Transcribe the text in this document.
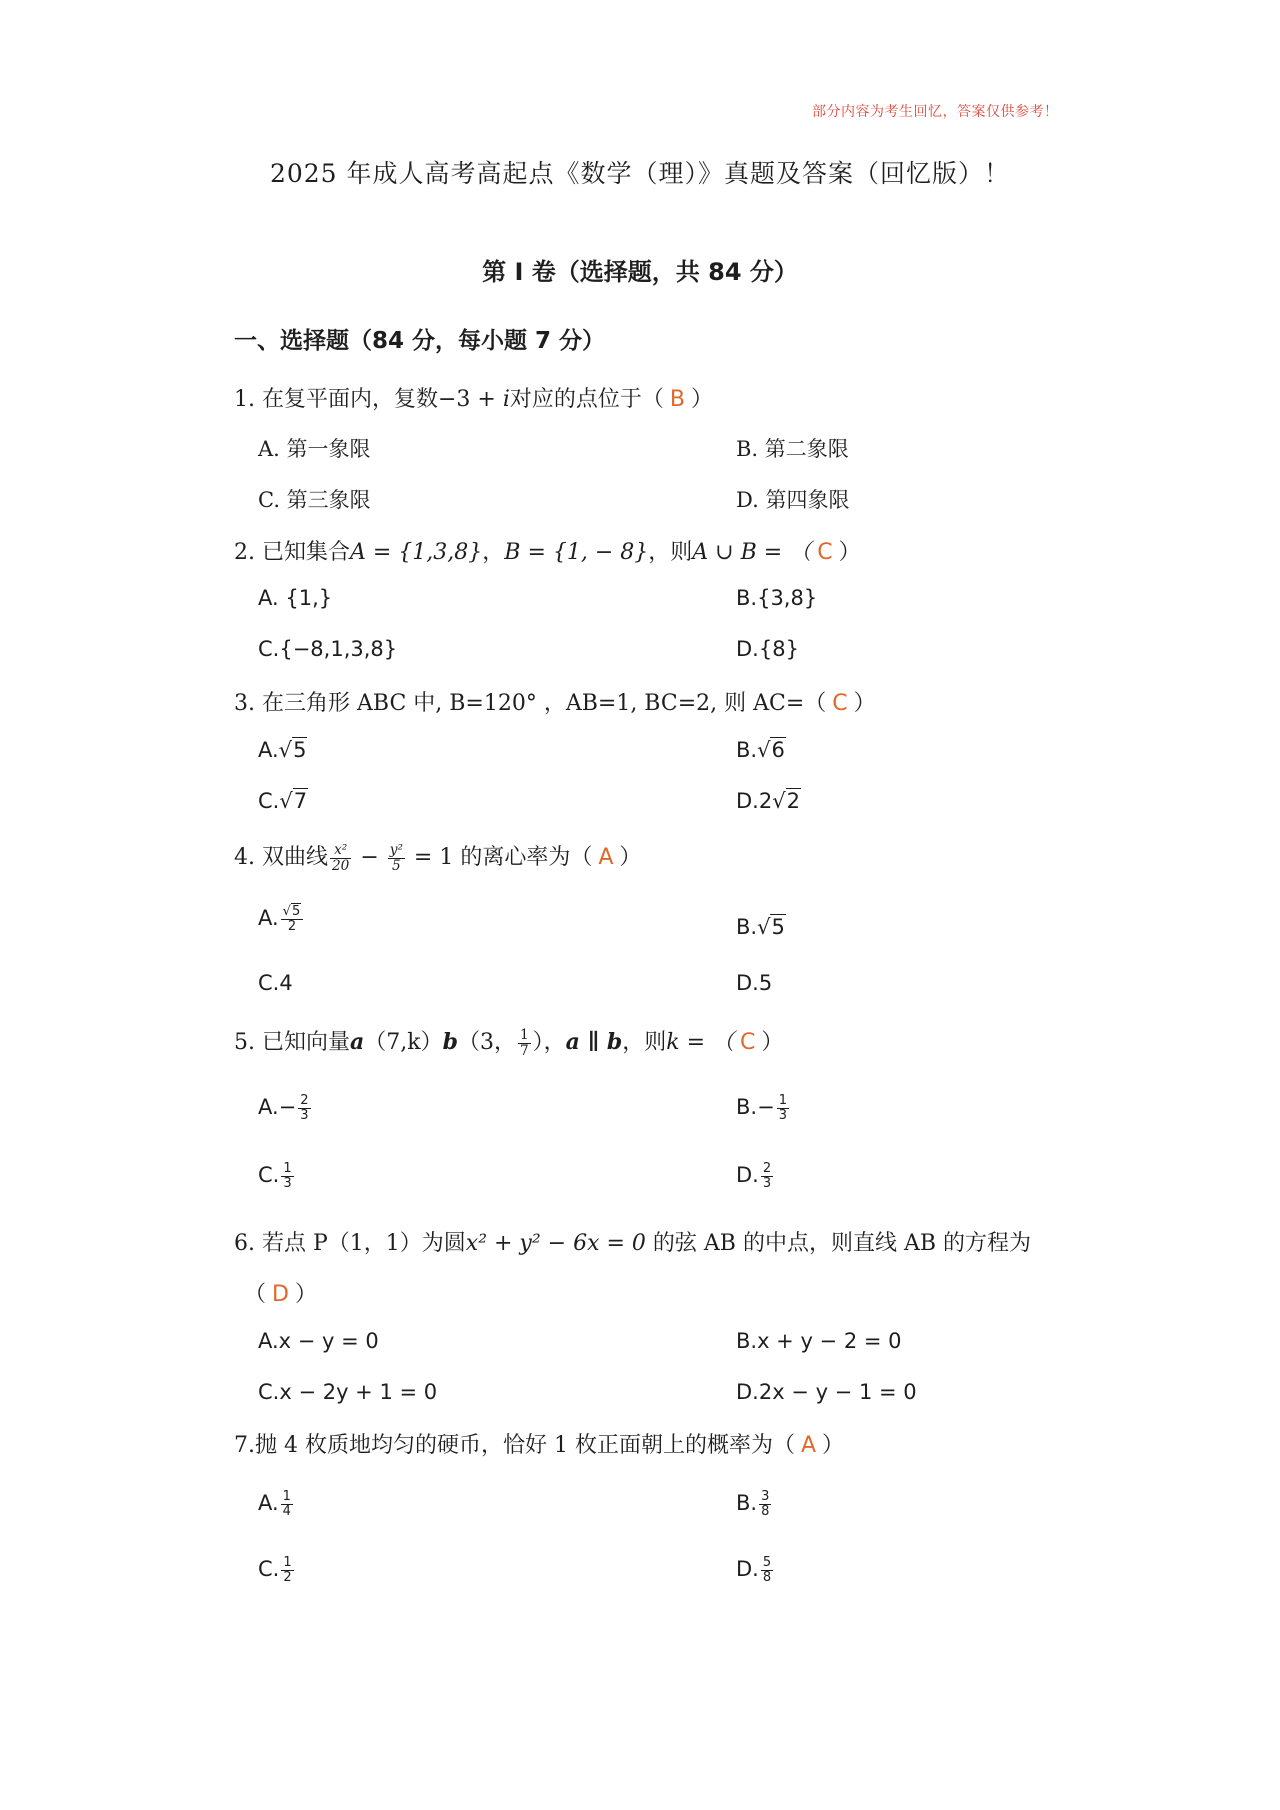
部分内容为考生回忆，答案仅供参考！
2025 年成人高考高起点《数学（理）》真题及答案（回忆版）！
第 I 卷（选择题，共 84 分）
一、选择题（84 分，每小题 7 分）
1. 在复平面内，复数−3 + i对应的点位于（ B ）
A. 第一象限	B. 第二象限
C. 第三象限	D. 第四象限
2. 已知集合A = {1,3,8}，B = {1, − 8}，则A ∪ B = （ C ）
A. {1,}	B.{3,8}
C.{−8,1,3,8}	D.{8}
3. 在三角形 ABC 中, B=120° ，AB=1, BC=2, 则 AC=（ C ）
A.√5	B.√6
C.√7	D.2√2
4. 双曲线 $\frac{\text{x²}}{20} - \frac{\text{y²}}{5} = 1$ 的离心率为（ A ）
A. $\frac{√5}{2}$	B.√5
C.4	D.5
5. 已知向量a（7,k）b（3， $\frac{1}{7}$ ），a ∥ b，则k = （ C ）
$A.- \frac{2}{3}$	$B.- \frac{1}{3}$
C. $\frac{1}{3}$	D. $\frac{2}{3}$
6. 若点 P（1，1）为圆x² + y² − 6x = 0 的弦 AB 的中点，则直线 AB 的方程为
（ D ）
A.x − y = 0	B.x + y − 2 = 0
C.x − 2y + 1 = 0	D.2x − y − 1 = 0
7.抛 4 枚质地均匀的硬币，恰好 1 枚正面朝上的概率为（ A ）
A. $\frac{1}{4}$	B. $\frac{3}{8}$
C. $\frac{1}{2}$	D. $\frac{5}{8}$
